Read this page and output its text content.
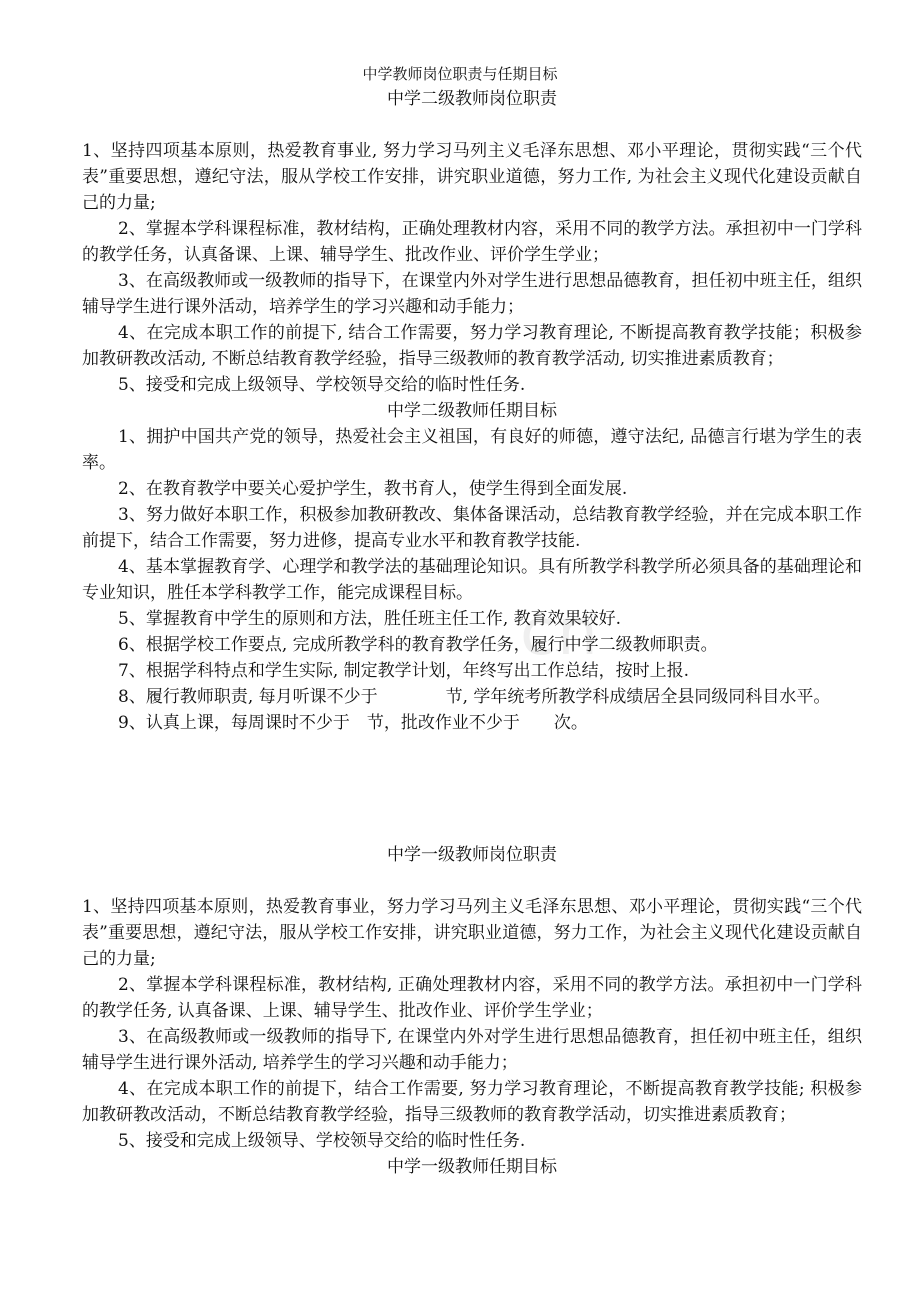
cn
中学教师岗位职责与任期目标
中学二级教师岗位职责

1、坚持四项基本原则，热爱教育事业, 努力学习马列主义毛泽东思想、邓小平理论，贯彻实践“三个代表”重要思想，遵纪守法，服从学校工作安排，讲究职业道德，努力工作, 为社会主义现代化建设贡献自己的力量;

2、掌握本学科课程标准，教材结构，正确处理教材内容，采用不同的教学方法。承担初中一门学科的教学任务，认真备课、上课、辅导学生、批改作业、评价学生学业；

3、在高级教师或一级教师的指导下，在课堂内外对学生进行思想品德教育，担任初中班主任，组织辅导学生进行课外活动，培养学生的学习兴趣和动手能力；

4、在完成本职工作的前提下, 结合工作需要，努力学习教育理论, 不断提高教育教学技能；积极参加教研教改活动, 不断总结教育教学经验，指导三级教师的教育教学活动, 切实推进素质教育；

5、接受和完成上级领导、学校领导交给的临时性任务.

中学二级教师任期目标

1、拥护中国共产党的领导，热爱社会主义祖国，有良好的师德，遵守法纪, 品德言行堪为学生的表率。

2、在教育教学中要关心爱护学生，教书育人，使学生得到全面发展.

3、努力做好本职工作，积极参加教研教改、集体备课活动，总结教育教学经验，并在完成本职工作前提下，结合工作需要，努力进修，提高专业水平和教育教学技能.

4、基本掌握教育学、心理学和教学法的基础理论知识。具有所教学科教学所必须具备的基础理论和专业知识，胜任本学科教学工作，能完成课程目标。

5、掌握教育中学生的原则和方法，胜任班主任工作, 教育效果较好.

6、根据学校工作要点, 完成所教学科的教育教学任务，履行中学二级教师职责。

7、根据学科特点和学生实际, 制定教学计划，年终写出工作总结，按时上报.

8、履行教师职责, 每月听课不少于　　　　节, 学年统考所教学科成绩居全县同级同科目水平。

9、认真上课，每周课时不少于　节，批改作业不少于　　次。

中学一级教师岗位职责

1、坚持四项基本原则，热爱教育事业，努力学习马列主义毛泽东思想、邓小平理论，贯彻实践“三个代表”重要思想，遵纪守法，服从学校工作安排，讲究职业道德，努力工作，为社会主义现代化建设贡献自己的力量;

2、掌握本学科课程标准，教材结构, 正确处理教材内容，采用不同的教学方法。承担初中一门学科的教学任务, 认真备课、上课、辅导学生、批改作业、评价学生学业；

3、在高级教师或一级教师的指导下, 在课堂内外对学生进行思想品德教育，担任初中班主任，组织辅导学生进行课外活动, 培养学生的学习兴趣和动手能力；

4、在完成本职工作的前提下，结合工作需要, 努力学习教育理论，不断提高教育教学技能; 积极参加教研教改活动，不断总结教育教学经验，指导三级教师的教育教学活动，切实推进素质教育；

5、接受和完成上级领导、学校领导交给的临时性任务.

中学一级教师任期目标
